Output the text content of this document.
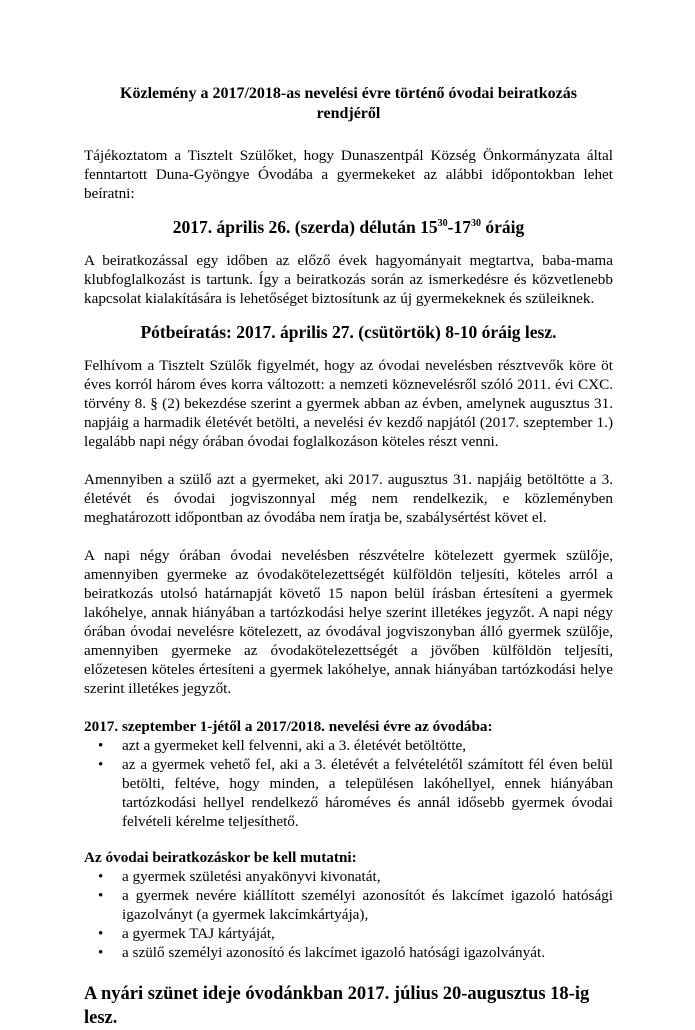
Közlemény a 2017/2018-as nevelési évre történő óvodai beiratkozás
rendjéről

Tájékoztatom a Tisztelt Szülőket, hogy Dunaszentpál Község Önkormányzata által fenntartott Duna-Gyöngye Óvodába a gyermekeket az alábbi időpontokban lehet beíratni:

2017. április 26. (szerda) délután $15^{30}-17^{30}$ óráig

A beiratkozással egy időben az előző évek hagyományait megtartva, baba-mama klubfoglalkozást is tartunk. Így a beiratkozás során az ismerkedésre és közvetlenebb kapcsolat kialakítására is lehetőséget biztosítunk az új gyermekeknek és szüleiknek.

Pótbeíratás: 2017. április 27. (csütörtök) 8-10 óráig lesz.

Felhívom a Tisztelt Szülők figyelmét, hogy az óvodai nevelésben résztvevők köre öt éves korról három éves korra változott: a nemzeti köznevelésről szóló 2011. évi CXC. törvény 8. § (2) bekezdése szerint a gyermek abban az évben, amelynek augusztus 31. napjáig a harmadik életévét betölti, a nevelési év kezdő napjától (2017. szeptember 1.) legalább napi négy órában óvodai foglalkozáson köteles részt venni.

Amennyiben a szülő azt a gyermeket, aki 2017. augusztus 31. napjáig betöltötte a 3. életévét és óvodai jogviszonnyal még nem rendelkezik, e közleményben meghatározott időpontban az óvodába nem íratja be, szabálysértést követ el.

A napi négy órában óvodai nevelésben részvételre kötelezett gyermek szülője, amennyiben gyermeke az óvodakötelezettségét külföldön teljesíti, köteles arról a beiratkozás utolsó határnapját követő 15 napon belül írásban értesíteni a gyermek lakóhelye, annak hiányában a tartózkodási helye szerint illetékes jegyzőt. A napi négy órában óvodai nevelésre kötelezett, az óvodával jogviszonyban álló gyermek szülője, amennyiben gyermeke az óvodakötelezettségét a jövőben külföldön teljesíti, előzetesen köteles értesíteni a gyermek lakóhelye, annak hiányában tartózkodási helye szerint illetékes jegyzőt.

2017. szeptember 1-jétől a 2017/2018. nevelési évre az óvodába:

• azt a gyermeket kell felvenni, aki a 3. életévét betöltötte,
• az a gyermek vehető fel, aki a 3. életévét a felvételétől számított fél éven belül betölti, feltéve, hogy minden, a településen lakóhellyel, ennek hiányában tartózkodási hellyel rendelkező hároméves és annál idősebb gyermek óvodai felvételi kérelme teljesíthető.

Az óvodai beiratkozáskor be kell mutatni:

• a gyermek születési anyakönyvi kivonatát,
• a gyermek nevére kiállított személyi azonosítót és lakcímet igazoló hatósági igazolványt (a gyermek lakcímkártyája),
• a gyermek TAJ kártyáját,
• a szülő személyi azonosító és lakcímet igazoló hatósági igazolványát.

A nyári szünet ideje óvodánkban 2017. július 20-augusztus 18-ig lesz.
